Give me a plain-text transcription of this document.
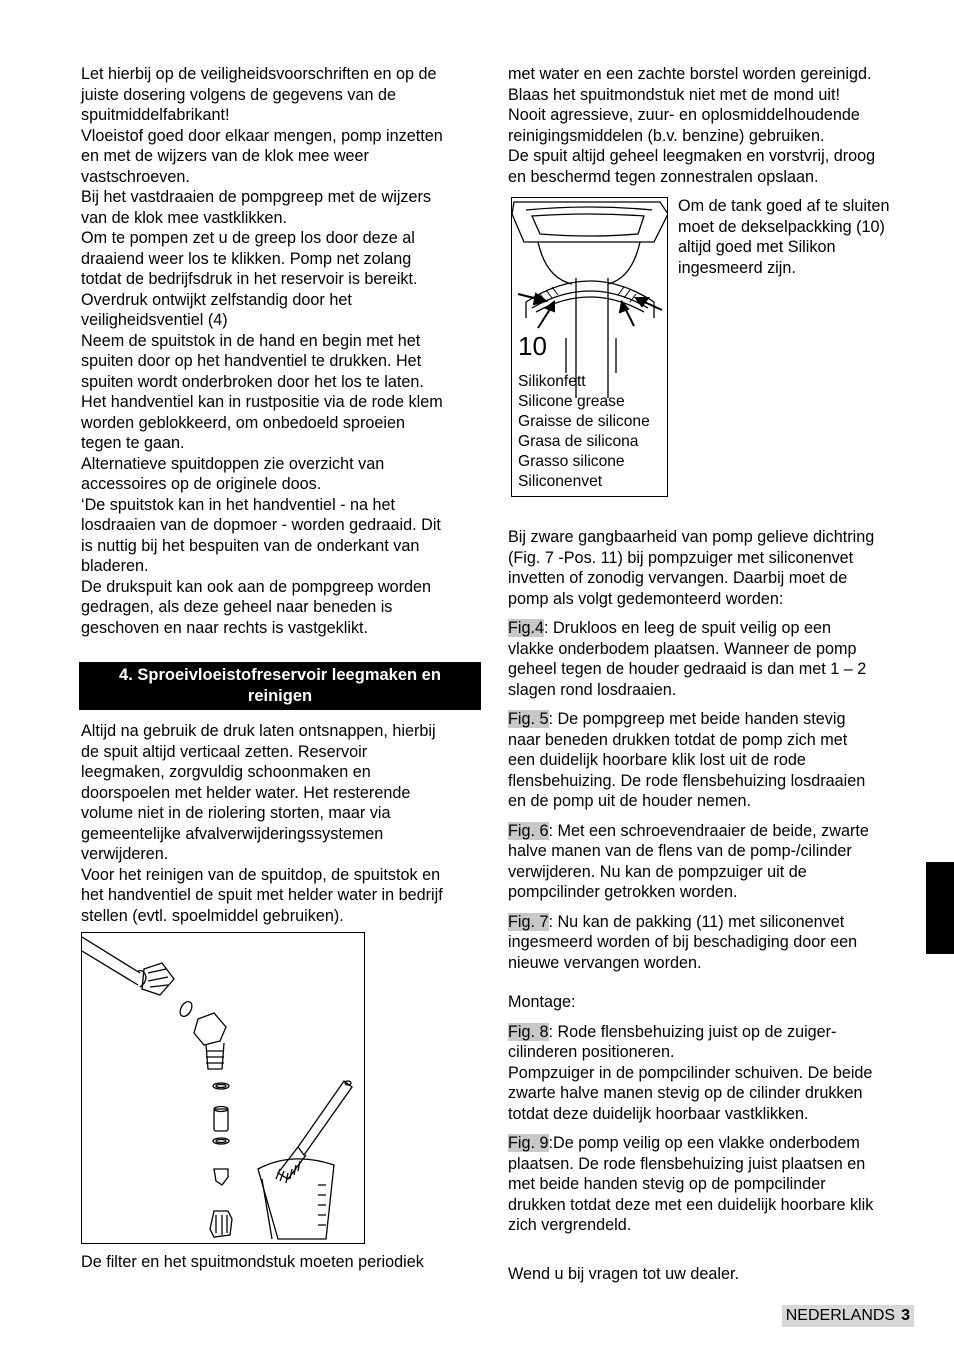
Let hierbij op de veiligheidsvoorschriften en op de
juiste dosering volgens de gegevens van de
spuitmiddelfabrikant!

Vloeistof goed door elkaar mengen, pomp inzetten
en met de wijzers van de klok mee weer
vastschroeven.

Bij het vastdraaien de pompgreep met de wijzers
van de klok mee vastklikken.

Om te pompen zet u de greep los door deze al
draaiend weer los te klikken. Pomp net zolang
totdat de bedrijfsdruk in het reservoir is bereikt.
Overdruk ontwijkt zelfstandig door het
veiligheidsventiel (4)

Neem de spuitstok in de hand en begin met het
spuiten door op het handventiel te drukken. Het
spuiten wordt onderbroken door het los te laten.

Het handventiel kan in rustpositie via de rode klem
worden geblokkeerd, om onbedoeld sproeien
tegen te gaan.

Alternatieve spuitdoppen zie overzicht van
accessoires op de originele doos.

‘De spuitstok kan in het handventiel - na het
losdraaien van de dopmoer - worden gedraaid. Dit
is nuttig bij het bespuiten van de onderkant van
bladeren.

De drukspuit kan ook aan de pompgreep worden
gedragen, als deze geheel naar beneden is
geschoven en naar rechts is vastgeklikt.

4. Sproeivloeistofreservoir leegmaken en
reinigen

Altijd na gebruik de druk laten ontsnappen, hierbij
de spuit altijd verticaal zetten. Reservoir
leegmaken, zorgvuldig schoonmaken en
doorspoelen met helder water. Het resterende
volume niet in de riolering storten, maar via
gemeentelijke afvalverwijderingssystemen
verwijderen.

Voor het reinigen van de spuitdop, de spuitstok en
het handventiel de spuit met helder water in bedrijf
stellen (evtl. spoelmiddel gebruiken).

De filter en het spuitmondstuk moeten periodiek

met water en een zachte borstel worden gereinigd.
Blaas het spuitmondstuk niet met de mond uit!
Nooit agressieve, zuur- en oplosmiddelhoudende
reinigingsmiddelen (b.v. benzine) gebruiken.
De spuit altijd geheel leegmaken en vorstvrij, droog
en beschermd tegen zonnestralen opslaan.

10
Silikonfett
Silicone grease
Graisse de silicone
Grasa de silicona
Grasso silicone
Siliconenvet

Om de tank goed af te sluiten
moet de dekselpackking (10)
altijd goed met Silikon
ingesmeerd zijn.

Bij zware gangbaarheid van pomp gelieve dichtring
(Fig. 7 -Pos. 11) bij pompzuiger met siliconenvet
invetten of zonodig vervangen. Daarbij moet de
pomp als volgt gedemonteerd worden:

Fig.4: Drukloos en leeg de spuit veilig op een
vlakke onderbodem plaatsen. Wanneer de pomp
geheel tegen de houder gedraaid is dan met 1 – 2
slagen rond losdraaien.

Fig. 5: De pompgreep met beide handen stevig
naar beneden drukken totdat de pomp zich met
een duidelijk hoorbare klik lost uit de rode
flensbehuizing. De rode flensbehuizing losdraaien
en de pomp uit de houder nemen.

Fig. 6: Met een schroevendraaier de beide, zwarte
halve manen van de flens van de pomp-/cilinder
verwijderen. Nu kan de pompzuiger uit de
pompcilinder getrokken worden.

Fig. 7: Nu kan de pakking (11) met siliconenvet
ingesmeerd worden of bij beschadiging door een
nieuwe vervangen worden.

Montage:

Fig. 8: Rode flensbehuizing juist op de zuiger-
cilinderen positioneren.
Pompzuiger in de pompcilinder schuiven. De beide
zwarte halve manen stevig op de cilinder drukken
totdat deze duidelijk hoorbaar vastklikken.

Fig. 9:De pomp veilig op een vlakke onderbodem
plaatsen. De rode flensbehuizing juist plaatsen en
met beide handen stevig op de pompcilinder
drukken totdat deze met een duidelijk hoorbare klik
zich vergrendeld.

Wend u bij vragen tot uw dealer.

NEDERLANDS 3
